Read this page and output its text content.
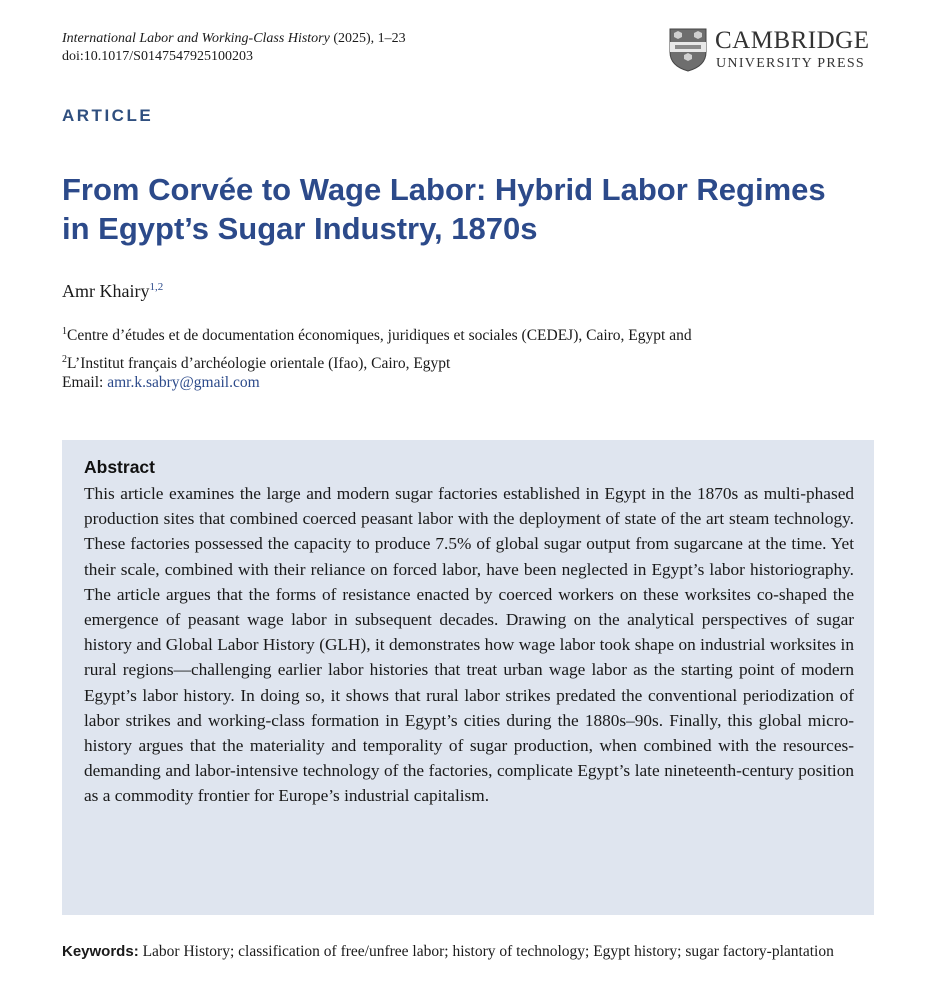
International Labor and Working-Class History (2025), 1–23
doi:10.1017/S0147547925100203
CAMBRIDGE
UNIVERSITY PRESS
ARTICLE
From Corvée to Wage Labor: Hybrid Labor Regimes in Egypt’s Sugar Industry, 1870s
Amr Khairy$^{1,2}$
$^1$Centre d’études et de documentation économiques, juridiques et sociales (CEDEJ), Cairo, Egypt and
$^2$L’Institut français d’archéologie orientale (Ifao), Cairo, Egypt
Email: amr.k.sabry@gmail.com
Abstract
This article examines the large and modern sugar factories established in Egypt in the 1870s as multi-phased production sites that combined coerced peasant labor with the deployment of state of the art steam technology. These factories possessed the capacity to produce 7.5% of global sugar output from sugarcane at the time. Yet their scale, combined with their reliance on forced labor, have been neglected in Egypt’s labor historiography. The article argues that the forms of resistance enacted by coerced workers on these worksites co-shaped the emergence of peasant wage labor in subsequent decades. Drawing on the analytical perspectives of sugar history and Global Labor History (GLH), it demonstrates how wage labor took shape on industrial worksites in rural regions—challenging earlier labor histories that treat urban wage labor as the starting point of modern Egypt’s labor history. In doing so, it shows that rural labor strikes predated the conventional periodization of labor strikes and working-class formation in Egypt’s cities during the 1880s–90s. Finally, this global microhistory argues that the materiality and temporality of sugar production, when combined with the resources-demanding and labor-intensive technology of the factories, complicate Egypt’s late nineteenth-century position as a commodity frontier for Europe’s industrial capitalism.
Keywords: Labor History; classification of free/unfree labor; history of technology; Egypt history; sugar factory-plantation
